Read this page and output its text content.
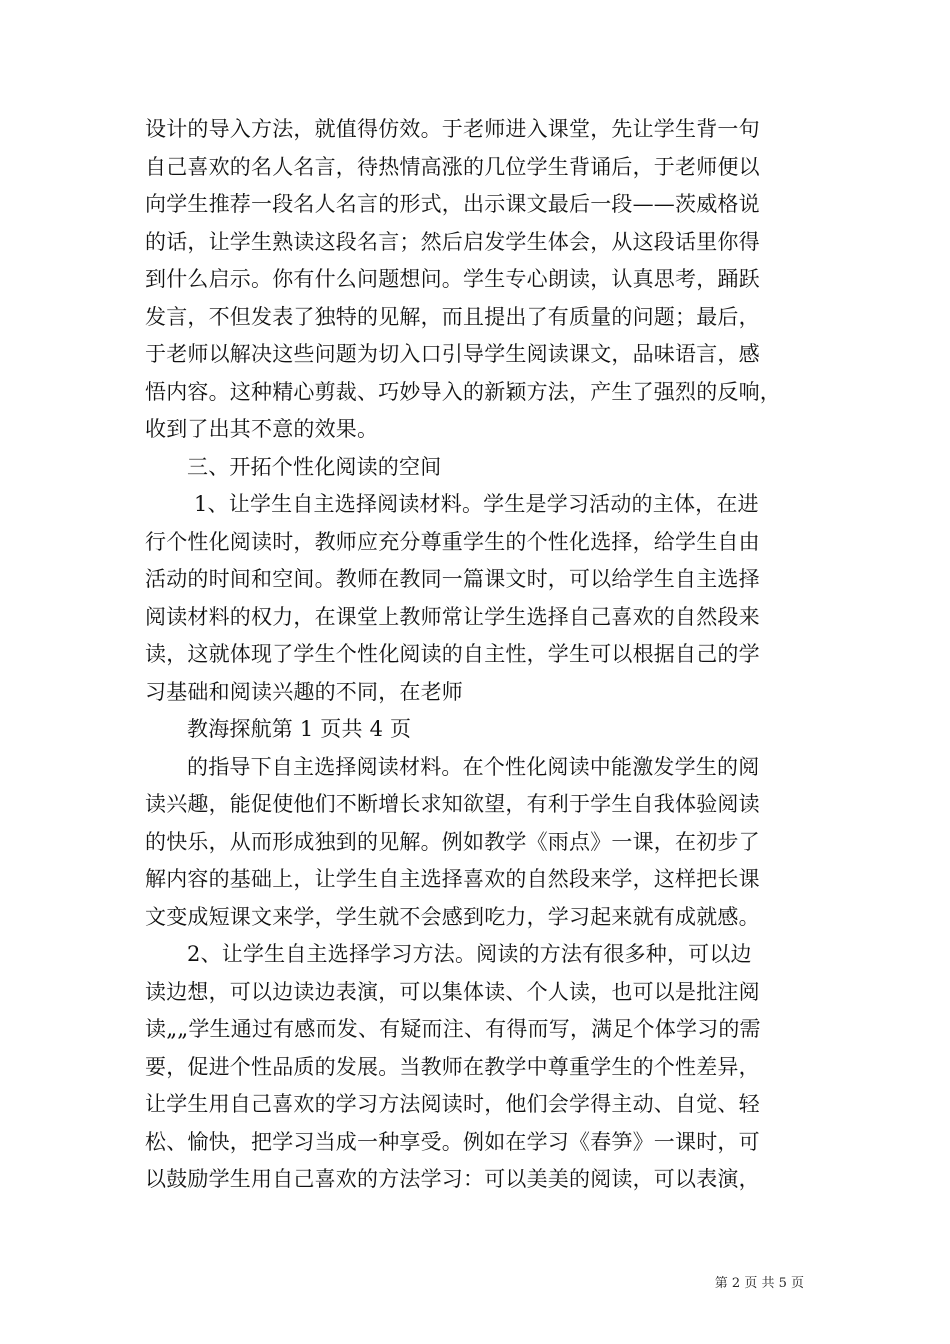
设计的导入方法，就值得仿效。于老师进入课堂，先让学生背一句
自己喜欢的名人名言，待热情高涨的几位学生背诵后，于老师便以
向学生推荐一段名人名言的形式，出示课文最后一段——茨威格说
的话，让学生熟读这段名言；然后启发学生体会，从这段话里你得
到什么启示。你有什么问题想问。学生专心朗读，认真思考，踊跃
发言，不但发表了独特的见解，而且提出了有质量的问题；最后，
于老师以解决这些问题为切入口引导学生阅读课文，品味语言，感
悟内容。这种精心剪裁、巧妙导入的新颖方法，产生了强烈的反响，
收到了出其不意的效果。
三、开拓个性化阅读的空间
1、让学生自主选择阅读材料。学生是学习活动的主体，在进
行个性化阅读时，教师应充分尊重学生的个性化选择，给学生自由
活动的时间和空间。教师在教同一篇课文时，可以给学生自主选择
阅读材料的权力，在课堂上教师常让学生选择自己喜欢的自然段来
读，这就体现了学生个性化阅读的自主性，学生可以根据自己的学
习基础和阅读兴趣的不同，在老师
教海探航第 1 页共 4 页
的指导下自主选择阅读材料。在个性化阅读中能激发学生的阅
读兴趣，能促使他们不断增长求知欲望，有利于学生自我体验阅读
的快乐，从而形成独到的见解。例如教学《雨点》一课，在初步了
解内容的基础上，让学生自主选择喜欢的自然段来学，这样把长课
文变成短课文来学，学生就不会感到吃力，学习起来就有成就感。
2、让学生自主选择学习方法。阅读的方法有很多种，可以边
读边想，可以边读边表演，可以集体读、个人读，也可以是批注阅
读„„学生通过有感而发、有疑而注、有得而写，满足个体学习的需
要，促进个性品质的发展。当教师在教学中尊重学生的个性差异，
让学生用自己喜欢的学习方法阅读时，他们会学得主动、自觉、轻
松、愉快，把学习当成一种享受。例如在学习《春笋》一课时，可
以鼓励学生用自己喜欢的方法学习：可以美美的阅读，可以表演，
第 2 页 共 5 页
